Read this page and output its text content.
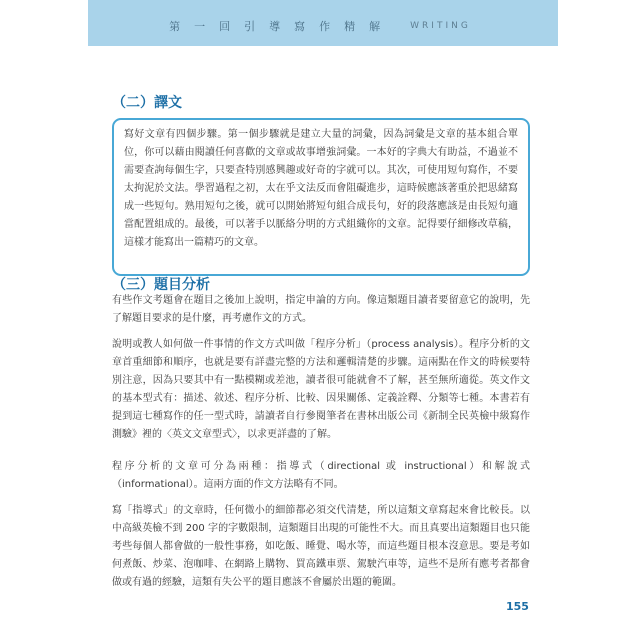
第 一 回 引 導 寫 作 精 解	WRITING
（二）譯文

寫好文章有四個步驟。第一個步驟就是建立大量的詞彙，因為詞彙是文章的基本組合單位，你可以藉由閱讀任何喜歡的文章或故事增強詞彙。一本好的字典大有助益，不過並不需要查詢每個生字，只要查特別感興趣或好奇的字就可以。其次，可使用短句寫作，不要太拘泥於文法。學習過程之初，太在乎文法反而會阻礙進步，這時候應該著重於把思緒寫成一些短句。熟用短句之後，就可以開始將短句組合成長句，好的段落應該是由長短句適當配置組成的。最後，可以著手以脈絡分明的方式組織你的文章。記得要仔細修改草稿，這樣才能寫出一篇精巧的文章。

（三）題目分析

有些作文考題會在題目之後加上說明，指定申論的方向。像這類題目讀者要留意它的說明，先了解題目要求的是什麼，再考慮作文的方式。

說明或教人如何做一件事情的作文方式叫做「程序分析」（process analysis）。程序分析的文章首重細節和順序，也就是要有詳盡完整的方法和邏輯清楚的步驟。這兩點在作文的時候要特別注意，因為只要其中有一點模糊或差池，讀者很可能就會不了解，甚至無所適從。英文作文的基本型式有：描述、敘述、程序分析、比較、因果關係、定義詮釋、分類等七種。本書若有提到這七種寫作的任一型式時，請讀者自行參閱筆者在書林出版公司《新制全民英檢中級寫作測驗》裡的〈英文文章型式〉，以求更詳盡的了解。

程序分析的文章可分為兩種：指導式（directional 或 instructional）和解說式（informational）。這兩方面的作文方法略有不同。

寫「指導式」的文章時，任何微小的細節都必須交代清楚，所以這類文章寫起來會比較長。以中高級英檢不到 200 字的字數限制，這類題目出現的可能性不大。而且真要出這類題目也只能考些每個人都會做的一般性事務，如吃飯、睡覺、喝水等，而這些題目根本沒意思。要是考如何煮飯、炒菜、泡咖啡、在網路上購物、買高鐵車票、駕駛汽車等，這些不是所有應考者都會做或有過的經驗，這類有失公平的題目應該不會屬於出題的範圍。

155
